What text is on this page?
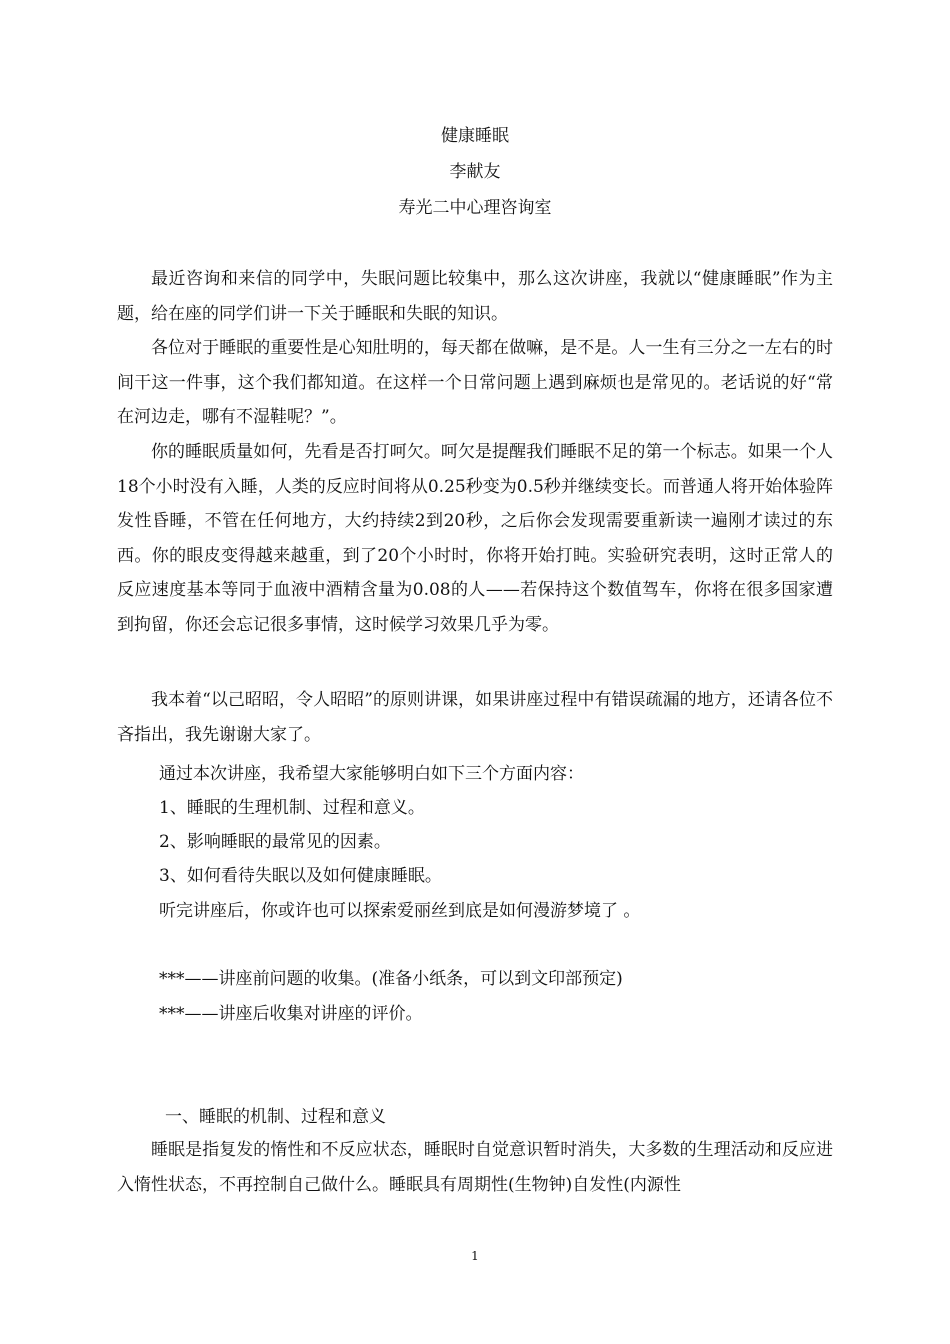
健康睡眠
李献友
寿光二中心理咨询室
最近咨询和来信的同学中，失眠问题比较集中，那么这次讲座，我就以“健康睡眠”作为主题，给在座的同学们讲一下关于睡眠和失眠的知识。
各位对于睡眠的重要性是心知肚明的，每天都在做嘛，是不是。人一生有三分之一左右的时间干这一件事，这个我们都知道。在这样一个日常问题上遇到麻烦也是常见的。老话说的好“常在河边走，哪有不湿鞋呢？”。
你的睡眠质量如何，先看是否打呵欠。呵欠是提醒我们睡眠不足的第一个标志。如果一个人18个小时没有入睡，人类的反应时间将从0.25秒变为0.5秒并继续变长。而普通人将开始体验阵发性昏睡，不管在任何地方，大约持续2到20秒，之后你会发现需要重新读一遍刚才读过的东西。你的眼皮变得越来越重，到了20个小时时，你将开始打盹。实验研究表明，这时正常人的反应速度基本等同于血液中酒精含量为0.08的人——若保持这个数值驾车，你将在很多国家遭到拘留，你还会忘记很多事情，这时候学习效果几乎为零。
我本着“以己昭昭，令人昭昭”的原则讲课，如果讲座过程中有错误疏漏的地方，还请各位不吝指出，我先谢谢大家了。
通过本次讲座，我希望大家能够明白如下三个方面内容：
1、睡眠的生理机制、过程和意义。
2、影响睡眠的最常见的因素。
3、如何看待失眠以及如何健康睡眠。
听完讲座后，你或许也可以探索爱丽丝到底是如何漫游梦境了 。
***——讲座前问题的收集。(准备小纸条，可以到文印部预定)
***——讲座后收集对讲座的评价。
一、睡眠的机制、过程和意义
睡眠是指复发的惰性和不反应状态，睡眠时自觉意识暂时消失，大多数的生理活动和反应进入惰性状态，不再控制自己做什么。睡眠具有周期性(生物钟)自发性(内源性
1
